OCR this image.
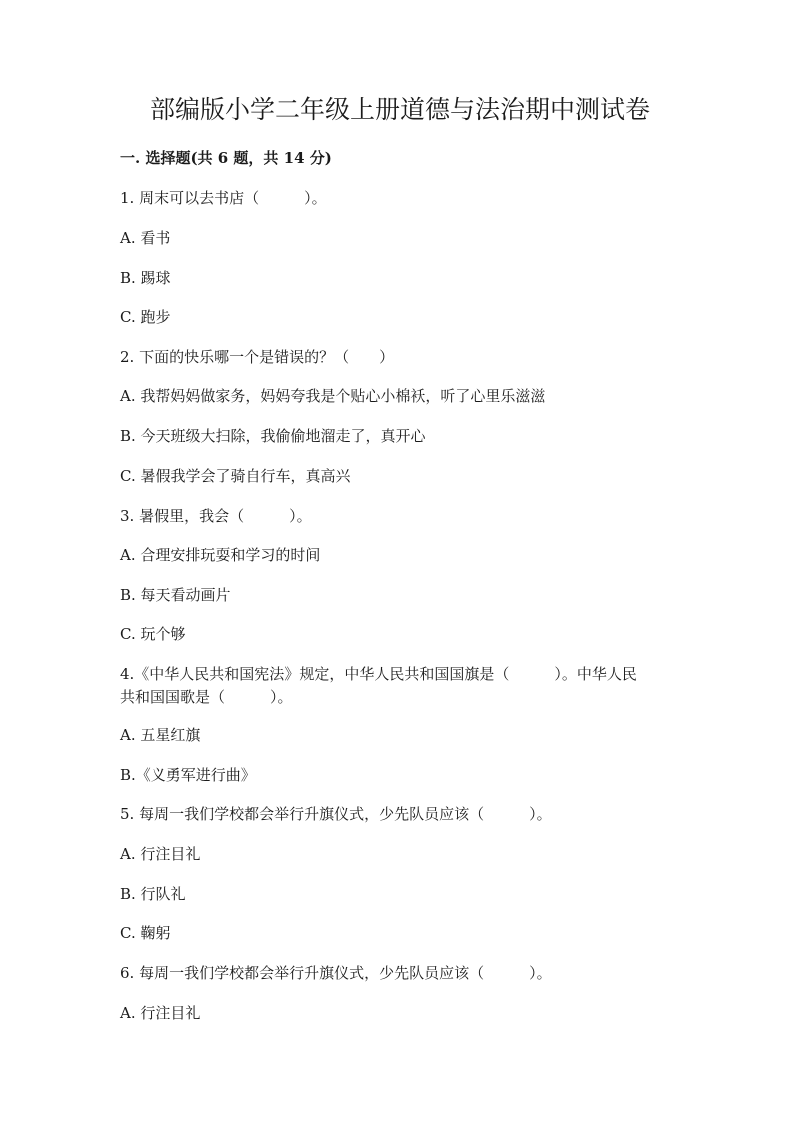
部编版小学二年级上册道德与法治期中测试卷
一. 选择题(共 6 题，共 14 分)
1. 周末可以去书店（　　　）。
A. 看书
B. 踢球
C. 跑步
2. 下面的快乐哪一个是错误的？（　　）
A. 我帮妈妈做家务，妈妈夸我是个贴心小棉袄，听了心里乐滋滋
B. 今天班级大扫除，我偷偷地溜走了，真开心
C. 暑假我学会了骑自行车，真高兴
3. 暑假里，我会（　　　）。
A. 合理安排玩耍和学习的时间
B. 每天看动画片
C. 玩个够
4.《中华人民共和国宪法》规定，中华人民共和国国旗是（　　　）。中华人民
共和国国歌是（　　　）。
A. 五星红旗
B.《义勇军进行曲》
5. 每周一我们学校都会举行升旗仪式，少先队员应该（　　　）。
A. 行注目礼
B. 行队礼
C. 鞠躬
6. 每周一我们学校都会举行升旗仪式，少先队员应该（　　　）。
A. 行注目礼
